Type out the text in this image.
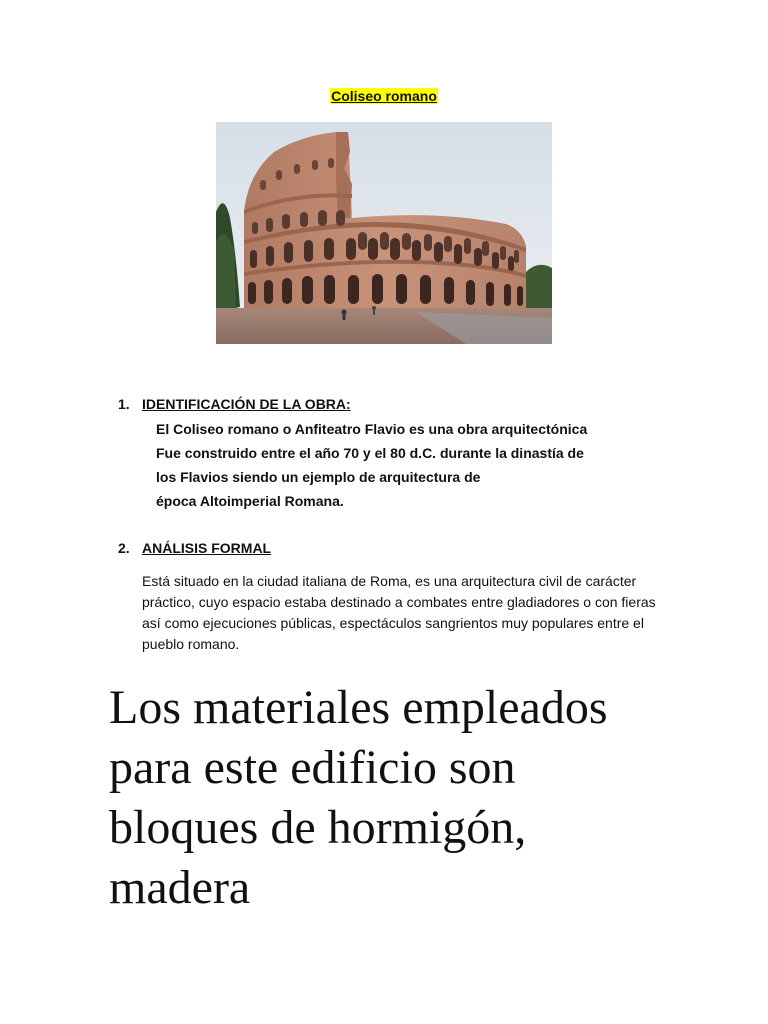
Coliseo romano
1. IDENTIFICACIÓN DE LA OBRA:
El Coliseo romano o Anfiteatro Flavio es una obra arquitectónica
Fue construido entre el año 70 y el 80 d.C. durante la dinastía de
los Flavios siendo un ejemplo de arquitectura de
época Altoimperial Romana.
2. ANÁLISIS FORMAL
Está situado en la ciudad italiana de Roma, es una arquitectura civil de carácter práctico, cuyo espacio estaba destinado a combates entre gladiadores o con fieras así como ejecuciones públicas, espectáculos sangrientos muy populares entre el pueblo romano.
Los materiales empleados para este edificio son bloques de hormigón, madera
